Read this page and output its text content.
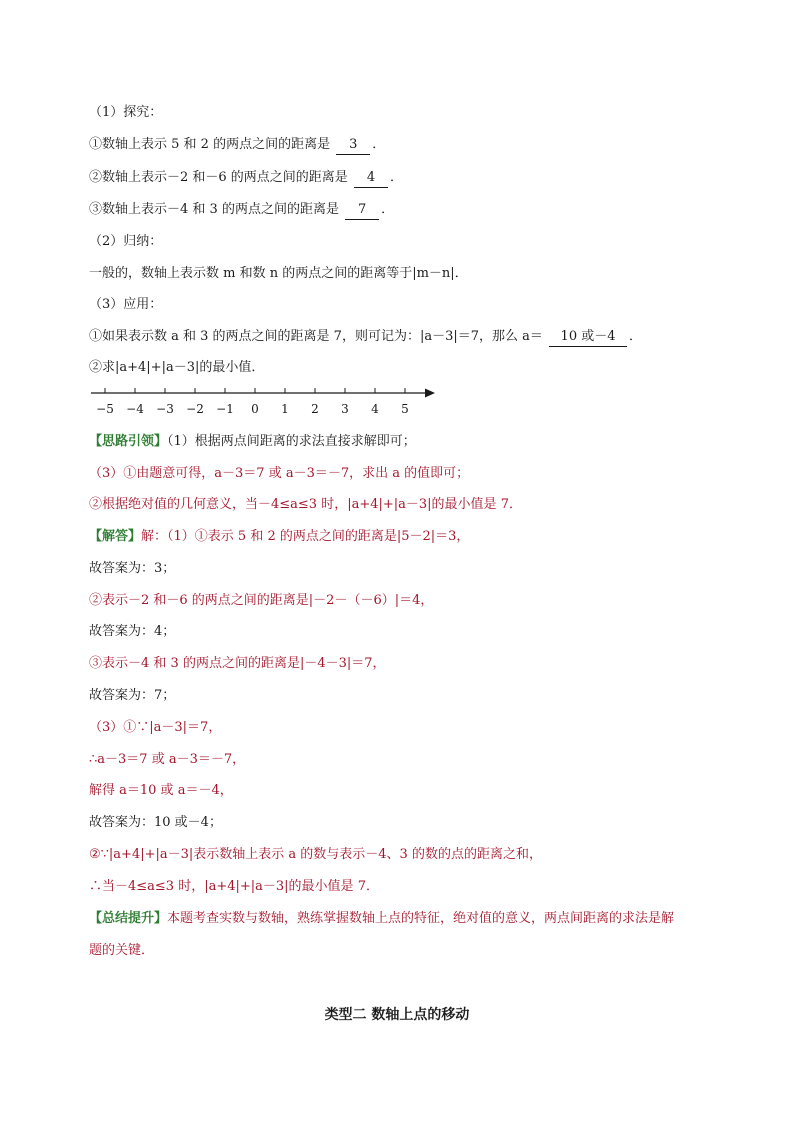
（1）探究：
①数轴上表示 5 和 2 的两点之间的距离是 3 ．
②数轴上表示－2 和－6 的两点之间的距离是 4 ．
③数轴上表示－4 和 3 的两点之间的距离是 7 ．
（2）归纳：
一般的，数轴上表示数 m 和数 n 的两点之间的距离等于|m－n|．
（3）应用：
①如果表示数 a 和 3 的两点之间的距离是 7，则可记为：|a－3|＝7，那么 a＝ 10 或－4 ．
②求|a+4|+|a－3|的最小值．
−5 −4 −3 −2 −1 0 1 2 3 4 5
【思路引领】（1）根据两点间距离的求法直接求解即可；
（3）①由题意可得，a－3＝7 或 a－3＝－7，求出 a 的值即可；
②根据绝对值的几何意义，当－4≤a≤3 时，|a+4|+|a－3|的最小值是 7．
【解答】解：（1）①表示 5 和 2 的两点之间的距离是|5－2|＝3，
故答案为：3；
②表示－2 和－6 的两点之间的距离是|－2－（－6）|＝4，
故答案为：4；
③表示－4 和 3 的两点之间的距离是|－4－3|＝7，
故答案为：7；
（3）①∵|a－3|＝7，
∴a－3＝7 或 a－3＝－7，
解得 a＝10 或 a＝－4，
故答案为：10 或－4；
②∵|a+4|+|a－3|表示数轴上表示 a 的数与表示－4、3 的数的点的距离之和，
∴当－4≤a≤3 时，|a+4|+|a－3|的最小值是 7．
【总结提升】本题考查实数与数轴，熟练掌握数轴上点的特征，绝对值的意义，两点间距离的求法是解
题的关键．
类型二 数轴上点的移动
